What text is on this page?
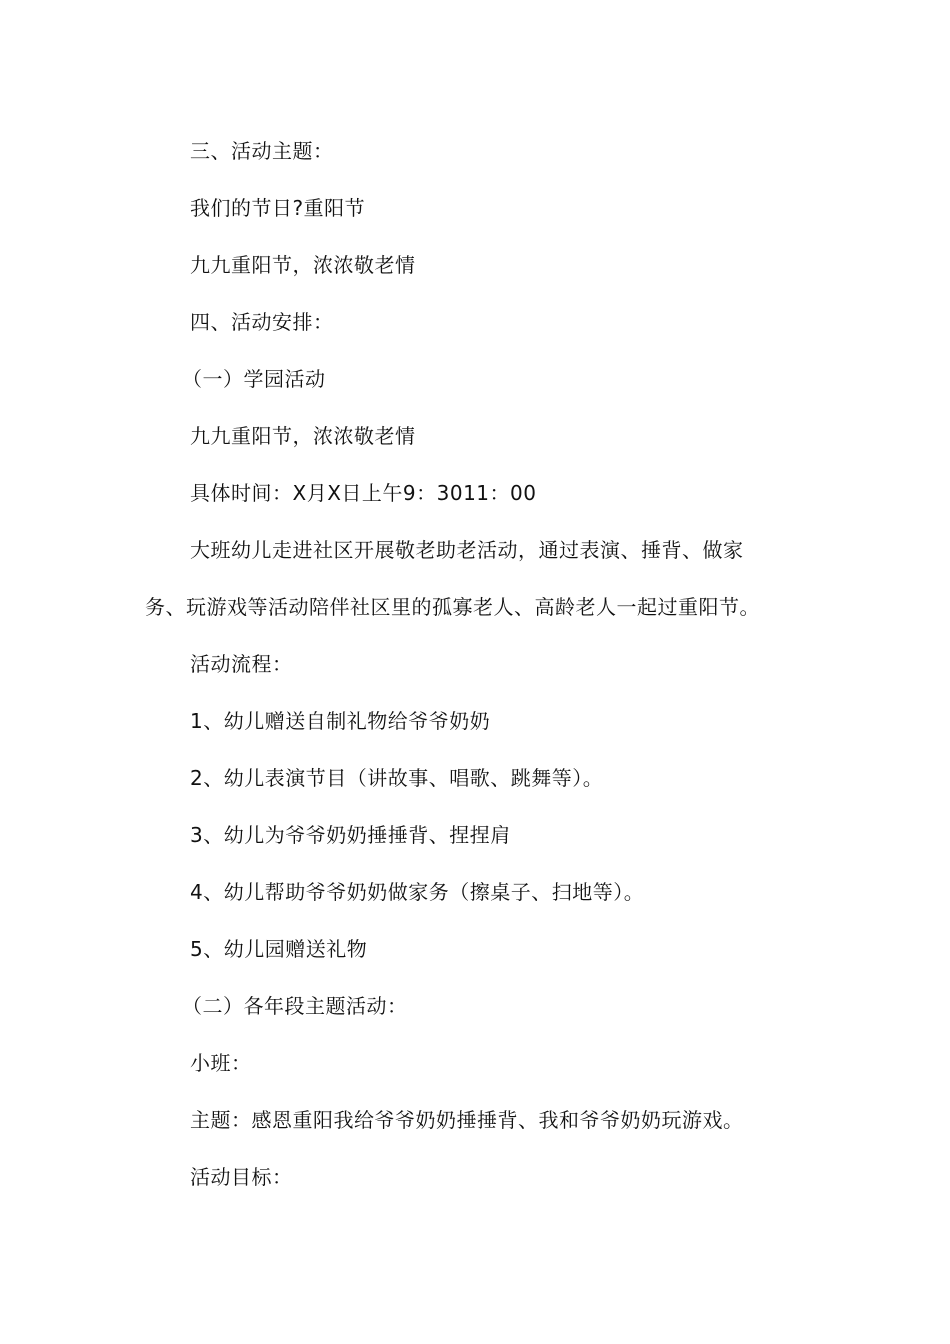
三、活动主题：
我们的节日?重阳节
九九重阳节，浓浓敬老情
四、活动安排：
（一）学园活动
九九重阳节，浓浓敬老情
具体时间：X月X日上午9：3011：00
大班幼儿走进社区开展敬老助老活动，通过表演、捶背、做家
务、玩游戏等活动陪伴社区里的孤寡老人、高龄老人一起过重阳节。
活动流程：
1、幼儿赠送自制礼物给爷爷奶奶
2、幼儿表演节目（讲故事、唱歌、跳舞等）。
3、幼儿为爷爷奶奶捶捶背、捏捏肩
4、幼儿帮助爷爷奶奶做家务（擦桌子、扫地等）。
5、幼儿园赠送礼物
（二）各年段主题活动：
小班：
主题：感恩重阳我给爷爷奶奶捶捶背、我和爷爷奶奶玩游戏。
活动目标：
